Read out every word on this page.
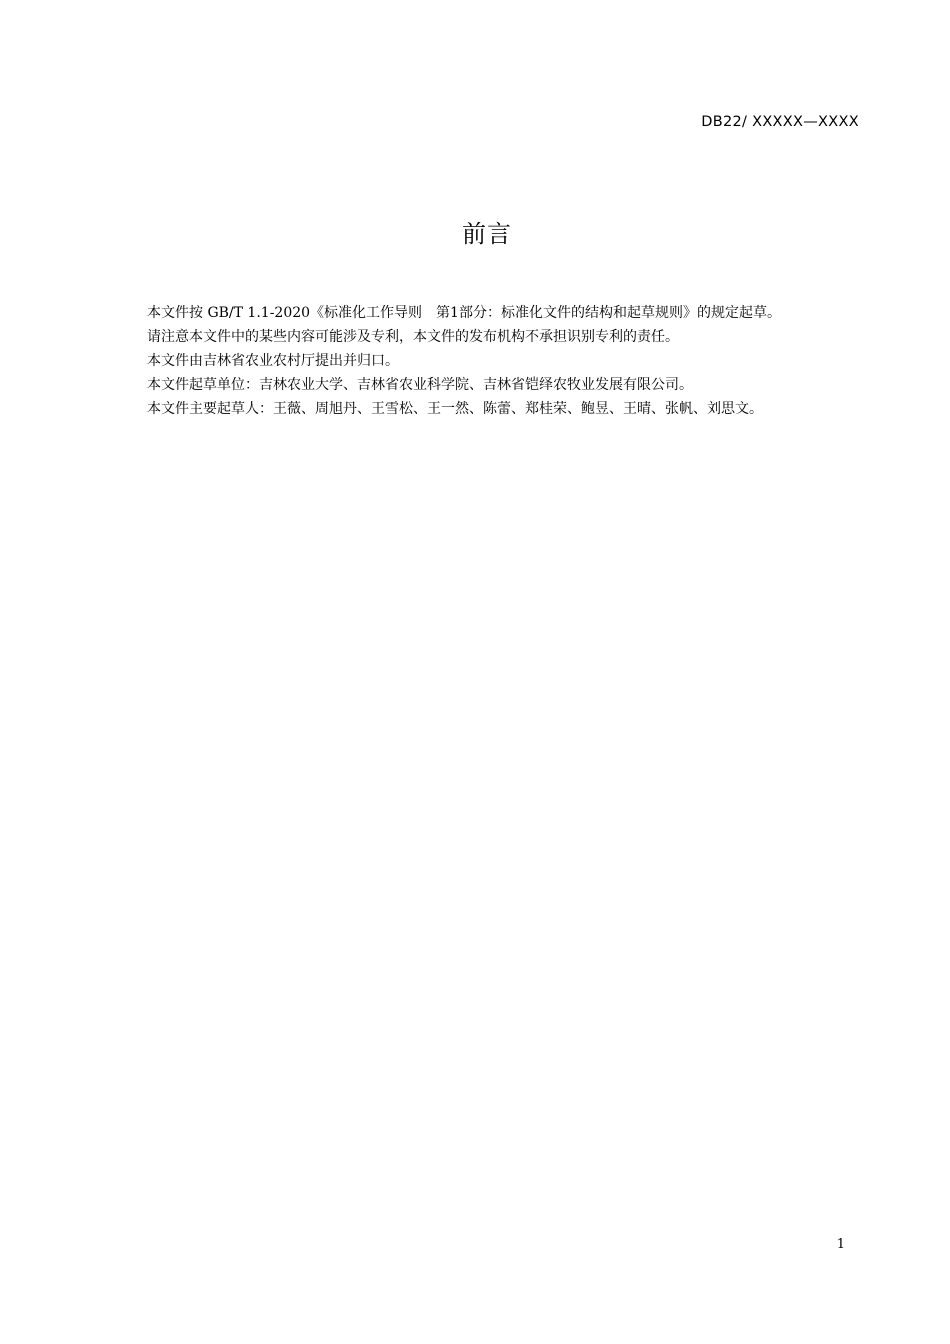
DB22/ XXXXX—XXXX
前言

本文件按 GB/T 1.1-2020《标准化工作导则　第1部分：标准化文件的结构和起草规则》的规定起草。

请注意本文件中的某些内容可能涉及专利，本文件的发布机构不承担识别专利的责任。

本文件由吉林省农业农村厅提出并归口。

本文件起草单位：吉林农业大学、吉林省农业科学院、吉林省铠绎农牧业发展有限公司。

本文件主要起草人：王薇、周旭丹、王雪松、王一然、陈蕾、郑桂荣、鲍昱、王晴、张帆、刘思文。

1
